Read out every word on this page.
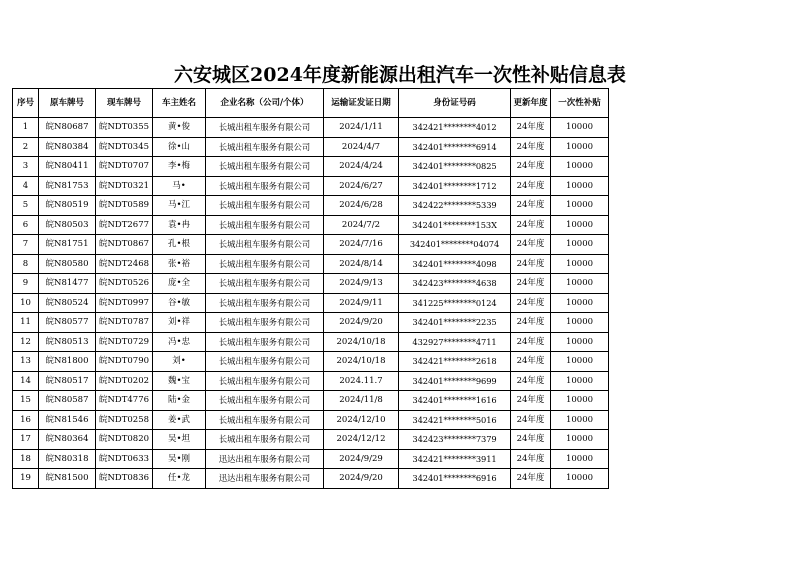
六安城区2024年度新能源出租汽车一次性补贴信息表
序号	原车牌号	现车牌号	车主姓名	企业名称（公司/个体）	运输证发证日期	身份证号码	更新年度	一次性补贴
1	皖N80687	皖NDT0355	黄•俊	长城出租车服务有限公司	2024/1/11	342421********4012	24年度	10000
2	皖N80384	皖NDT0345	徐•山	长城出租车服务有限公司	2024/4/7	342401********6914	24年度	10000
3	皖N80411	皖NDT0707	李•梅	长城出租车服务有限公司	2024/4/24	342401********0825	24年度	10000
4	皖N81753	皖NDT0321	马•	长城出租车服务有限公司	2024/6/27	342401********1712	24年度	10000
5	皖N80519	皖NDT0589	马•江	长城出租车服务有限公司	2024/6/28	342422********5339	24年度	10000
6	皖N80503	皖NDT2677	袁•冉	长城出租车服务有限公司	2024/7/2	342401********153X	24年度	10000
7	皖N81751	皖NDT0867	孔•根	长城出租车服务有限公司	2024/7/16	342401********04074	24年度	10000
8	皖N80580	皖NDT2468	张•裕	长城出租车服务有限公司	2024/8/14	342401********4098	24年度	10000
9	皖N81477	皖NDT0526	庞•全	长城出租车服务有限公司	2024/9/13	342423********4638	24年度	10000
10	皖N80524	皖NDT0997	谷•敏	长城出租车服务有限公司	2024/9/11	341225********0124	24年度	10000
11	皖N80577	皖NDT0787	刘•祥	长城出租车服务有限公司	2024/9/20	342401********2235	24年度	10000
12	皖N80513	皖NDT0729	冯•忠	长城出租车服务有限公司	2024/10/18	432927********4711	24年度	10000
13	皖N81800	皖NDT0790	刘•	长城出租车服务有限公司	2024/10/18	342421********2618	24年度	10000
14	皖N80517	皖NDT0202	魏•宝	长城出租车服务有限公司	2024.11.7	342401********9699	24年度	10000
15	皖N80587	皖NDT4776	陆•金	长城出租车服务有限公司	2024/11/8	342401********1616	24年度	10000
16	皖N81546	皖NDT0258	姜•武	长城出租车服务有限公司	2024/12/10	342421********5016	24年度	10000
17	皖N80364	皖NDT0820	吴•坦	长城出租车服务有限公司	2024/12/12	342423********7379	24年度	10000
18	皖N80318	皖NDT0633	吴•刚	迅达出租车服务有限公司	2024/9/29	342421********3911	24年度	10000
19	皖N81500	皖NDT0836	任•龙	迅达出租车服务有限公司	2024/9/20	342401********6916	24年度	10000
